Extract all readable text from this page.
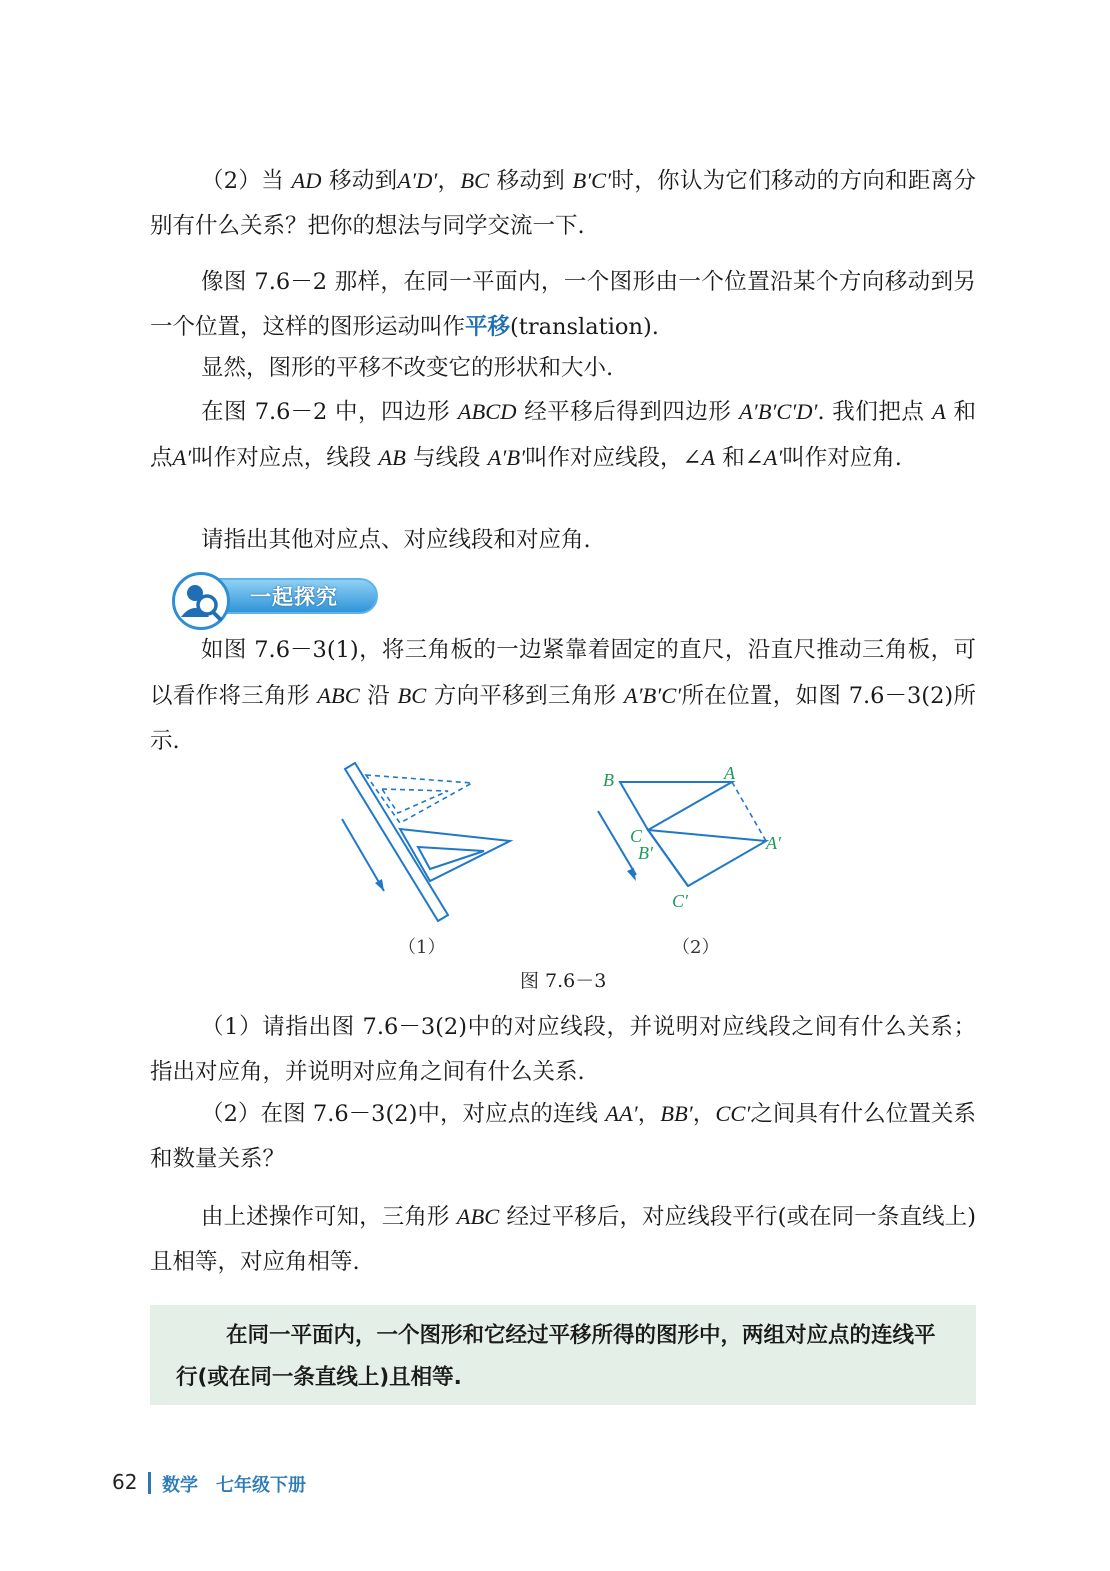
（2）当 AD 移动到A′D′，BC 移动到 B′C′时，你认为它们移动的方向和距离分别有什么关系？把你的想法与同学交流一下.

像图 7.6－2 那样，在同一平面内，一个图形由一个位置沿某个方向移动到另一个位置，这样的图形运动叫作平移(translation).

显然，图形的平移不改变它的形状和大小.

在图 7.6－2 中，四边形 ABCD 经平移后得到四边形 A′B′C′D′. 我们把点 A 和点A′叫作对应点，线段 AB 与线段 A′B′叫作对应线段，∠A 和∠A′叫作对应角.

请指出其他对应点、对应线段和对应角.

一起探究

如图 7.6－3(1)，将三角板的一边紧靠着固定的直尺，沿直尺推动三角板，可以看作将三角形 ABC 沿 BC 方向平移到三角形 A′B′C′所在位置，如图 7.6－3(2)所示.

B	A
C
B′	A′
C′
（1）	（2）
图 7.6－3

（1）请指出图 7.6－3(2)中的对应线段，并说明对应线段之间有什么关系；指出对应角，并说明对应角之间有什么关系.

（2）在图 7.6－3(2)中，对应点的连线 AA′，BB′，CC′之间具有什么位置关系和数量关系？

由上述操作可知，三角形 ABC 经过平移后，对应线段平行(或在同一条直线上)且相等，对应角相等.

在同一平面内，一个图形和它经过平移所得的图形中，两组对应点的连线平行(或在同一条直线上)且相等.
62 数学　七年级下册
